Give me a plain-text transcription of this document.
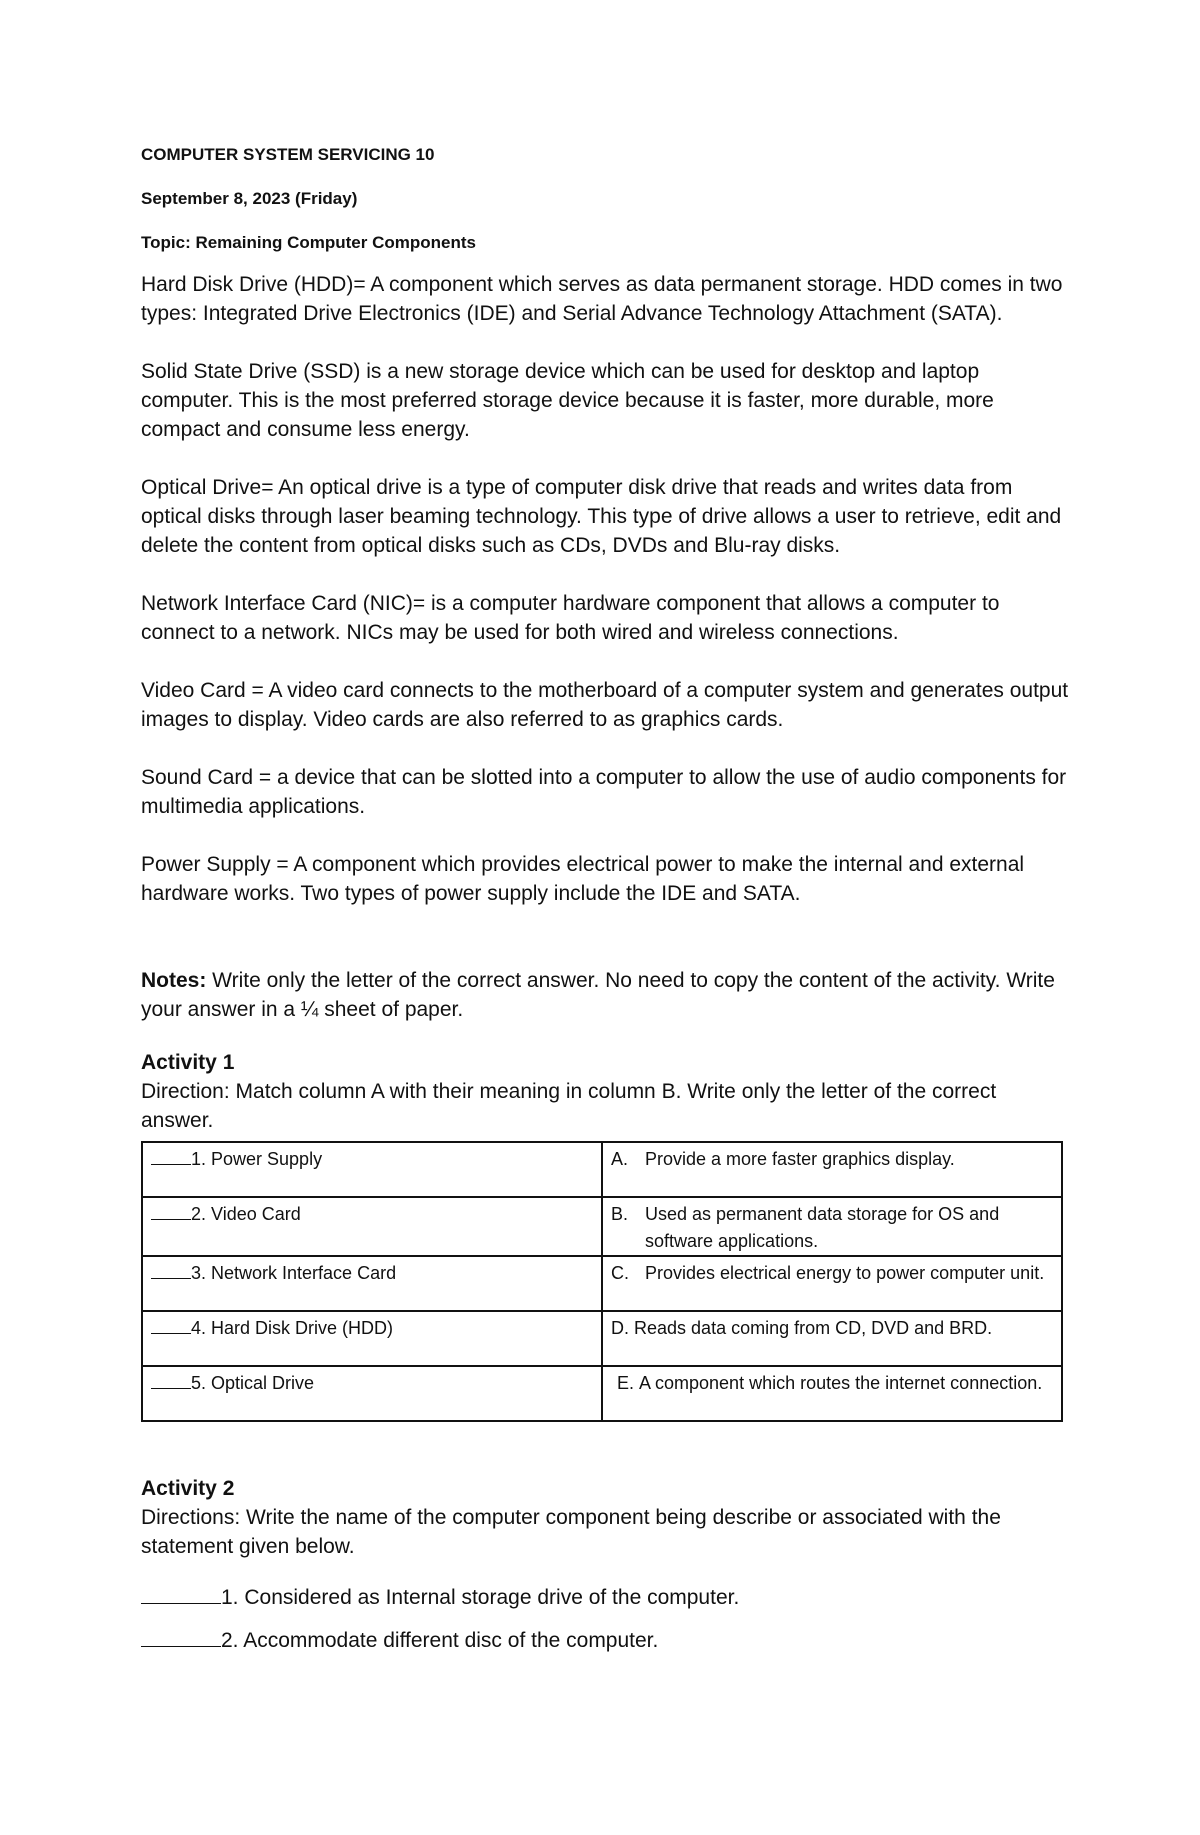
COMPUTER SYSTEM SERVICING 10
September 8, 2023 (Friday)
Topic: Remaining Computer Components

Hard Disk Drive (HDD)= A component which serves as data permanent storage. HDD comes in two types: Integrated Drive Electronics (IDE) and Serial Advance Technology Attachment (SATA).

Solid State Drive (SSD) is a new storage device which can be used for desktop and laptop computer. This is the most preferred storage device because it is faster, more durable, more compact and consume less energy.

Optical Drive= An optical drive is a type of computer disk drive that reads and writes data from optical disks through laser beaming technology. This type of drive allows a user to retrieve, edit and delete the content from optical disks such as CDs, DVDs and Blu-ray disks.

Network Interface Card (NIC)= is a computer hardware component that allows a computer to connect to a network. NICs may be used for both wired and wireless connections.

Video Card = A video card connects to the motherboard of a computer system and generates output images to display. Video cards are also referred to as graphics cards.

Sound Card = a device that can be slotted into a computer to allow the use of audio components for multimedia applications.

Power Supply = A component which provides electrical power to make the internal and external hardware works. Two types of power supply include the IDE and SATA.

Notes: Write only the letter of the correct answer. No need to copy the content of the activity. Write your answer in a ¼ sheet of paper.

Activity 1
Direction: Match column A with their meaning in column B. Write only the letter of the correct answer.
1. Power Supply	A. Provide a more faster graphics display.

2. Video Card	B. Used as permanent data storage for OS and software applications.

3. Network Interface Card	C. Provides electrical energy to power computer unit.

4. Hard Disk Drive (HDD)	D.
Reads data coming from CD, DVD and BRD.

5. Optical Drive	E. A component which routes the internet connection.
Activity 2
Directions: Write the name of the computer component being describe or associated with the statement given below.
1. Considered as Internal storage drive of the computer.
2. Accommodate different disc of the computer.
